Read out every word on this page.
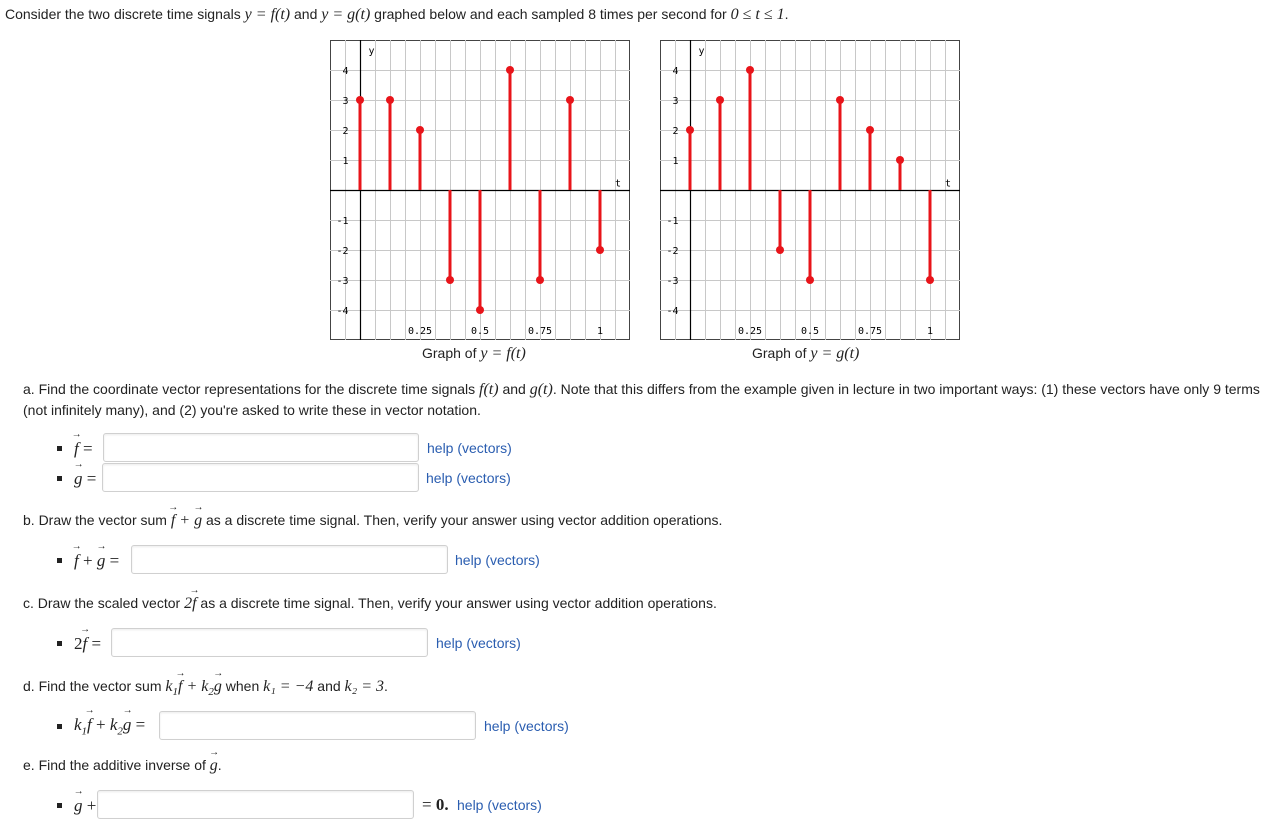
Consider the two discrete time signals y = f(t) and y = g(t) graphed below and each sampled 8 times per second for 0 ≤ t ≤ 1.
4
3
2
1
-1
-2
-3
-4
0.25	0.5	0.75	1
y
t
Graph of y = f(t)
4
3
2
1
-1
-2
-3
-4
0.25	0.5	0.75	1
y
t
Graph of y = g(t)
a. Find the coordinate vector representations for the discrete time signals f(t) and g(t). Note that this differs from the example given in lecture in two important ways: (1) these vectors have only 9 terms (not infinitely many), and (2) you're asked to write these in vector notation.
→ f =	help (vectors)
→ g =	help (vectors)
b. Draw the vector sum → f + → g as a discrete time signal. Then, verify your answer using vector addition operations.
→ f + → g =	help (vectors)
c. Draw the scaled vector 2→ f as a discrete time signal. Then, verify your answer using vector addition operations.
2→ f =	help (vectors)
d. Find the vector sum $k_1\to f + k_2\to g$ when k₁ = −4 and k₂ = 3.
$k_1\to f + k_2\to g$ =	help (vectors)
e. Find the additive inverse of → g.
→ g +	= 0. help (vectors)
